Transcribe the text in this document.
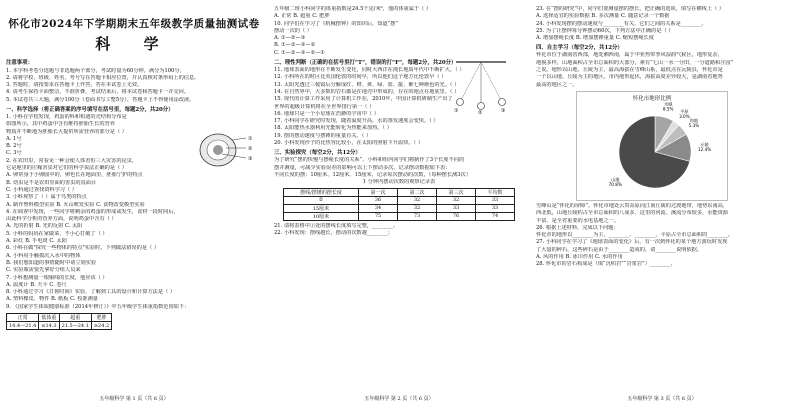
怀化市2024年下学期期末五年级教学质量抽测试卷
科 学
注意事项：
1. 本学科考卷分选题与非选题两个部分，考试时量为60分钟，满分为100分。
2. 请将学校、班级、姓名、考号写在答题卡相应位置，并认真核对条形码上的信息。
3. 答题时，请按要求在答题卡上作答，答在本试卷上无效。
4. 请考生保持卡面整洁，不准折叠，考试结束后，将本试卷和答题卡一并交回。
5. 本试卷共三大题，满分100分（卷面书写工整5分），答题卡上不得使用涂改液。
一、科学选择（将正确答案的序号填写在括号里，每题2分，共20分）
1. 小科在学校发现，鸡蛋的科和柏迪的壳结构分布是
如图所示，其中鸡蛋中含有维持胚胎生长的营养
物质并不断地为胚胎长大提供所需营养的部分是（ ）
A. 1号
B. 2号
C. 3号
2. 在农田里，常看见一种会使人体害怕三大灾害的昆虫，
它是地里的庄稼害虫对它们的科学说法正确的是（ ）
A. 卵常身于小卵圆中的，卵也长在地面里，胚胎宁护的特点
B. 幼虫是不是农田里面的害虫的真面目
C. 小科通过查找资料学习（ ）
3. 小科观察了（ ）属于鸟类的特点
A. 制作塑料模型实验 B. 火山喷发实验 C. 食物改变模型实验
4. 在调查中发现，一些同学将剩余的鸡蛋的形成或发生，食材一段时间后，
由此科学分析的营养方面，说明鸡蛋中含有（ ）
A. 光的折射 B. 光的反射 C. 太阳
5. 小科的妈妈在家做菜，不小心打破了（ ）
A. 彩红 B. 手电筒 C. 太阳
6. 小科在做"探究一些物体的特点"实验时，下列做法错误的是（ ）
A. 小科用手触摸沉入水中的物体
B. 我们想知道的事情随时中请立刻实验
C. 实验瓶需要先拿好分组人员来
7. 小科想测量一根铜线的长度，他应该（ ）
A. 温度计 B. 天平 C. 卷尺
8. 小科通过学习《日晷时间》实验，了解到工具的设计和计算方法是（ ）
A. 塑料橡皮、物件 B. 纸板 C. 校准测量
9. 《国家学生体质健康标准（2014年修订）》中五年级学生体重指数范围如下：
正常	低体重	超重	肥胖
14.4—21.4	≤14.3	21.5—24.1	≥24.2
①
②
③
五年级科学 第 1 页（共 6 页）
五年级二班小科同学的体重指数是24.5千克/米²，他的体重属于（ ）
A. 正常 B. 超重 C. 肥胖
10. 同学们在学习了《机械摆钟》的知识后，知道“摆”
摆动一次的（ ）
A. ①—②—③
B. ①—②—③—②
C. ①—②—③—②—①
二、理性判断（正确的在括号里打“T”，错误的打“F”，每题2分，共20分）
11. 地球表面的地形在不断发生变化，同时大西洋在漫长地质年代中不断扩大。（ ）
12. 小科所在的时区比英国伦敦的时间早，所以他们这个地方比伦敦早（ ）
13. 太阳光透过三棱镜后分解成红、橙、黄、绿、蓝、靛、紫七种颜色的光。（ ）
14. 在自然界中，大多数的岩石都是在地壳中形成的，存在的地点在地底里。（ ）
15. 现代的计算工作采用了计算机工作在，2010年，中国计算机研制生产出了
世界的超级计算机将在全世界排行第一（ ）
16. 地球只是一个小星球在浩渺的宇宙中（ ）
17. 小科同学在研究时发现，随着温度升高，水的蒸发速度会变快。（ ）
18. 太阳能热水器利用光能转化为热能来加热。（ ）
19. 摆的摆动速度与摆锤的重量有关。（ ）
20. 小科发现沙子的比热容比较小，在太阳的照射下升温快。（ ）
三、实验探究（每空2分，共12分）
为了研究“摆的快慢与摆绳长度的关系”，小科和组内同学们将制作了3个长度不同的
摆并测量，可减少实验误差的影响可以上下摆动多次，记录摆动数据如下表：
不同长度的摆：10厘米、12厘米、15厘米，记录每次摆动的次数，（每种摆长测3次）
1 分钟内摆动次数的观察记录表
摆线/摆锤的摆长度	第一次	第二次	第三次	平均数
①	36	32	32	33
15厘米	34	32	33	33
10厘米	75	73	76	74
21. 请将表格中①处的摆线长度填写完整，________。
22. 小科发现：摆线越长，摆动的次数越________；
①	②	③
五年级科学 第 2 页（共 6 页）
23. 在“摆的研究”中，同学们要测量摆的摆长，把正确的选项，填写在横线上（ ）
A. 选择适宜的实验数据 B. 多次测量 C. 随意记录一个数据
24. 小科发现摆的摆动速度与________有关，它们之间的关系是________。
25. 为了让摆钟每分钟摆动60次，下列方法中正确的是（ ）
A. 增加摆绳长度 B. 增加摆锤重量 C. 缩短摆绳长度
四、自主学习（每空2分，共12分）
怀化市位于湖南省西部，地处湘西南，属于中亚热带季风湿润气候区，地形复杂，
地貌多样，山地面积占全市总面积的大部分，素有“七山一水一分田，一分道路和庄园”
之说。地形以山地、丘陵为主，最高海拔在雪峰山系，最低点在沅陵县，怀化市是
一个以山地、丘陵为主的地区。市内地形起伏，海拔高度差异较大，是湖南省地势
最高的地区之一。
怀化市地形比例
水域 8.5% 平原 3.0%
岗地 5.3%
丘陵 12.4%
山地 70.8%
雪峰山是“怀化的屏障”。怀化市地处云贵高原向江南丘陵的过渡地带，地势东南高，
西北低，山地丘陵约占全市总面积的八成多，这里的河流、溪流分布较多，水能资源
丰富，是全省重要的水电基地之一。
26. 根据上述材料，完成以下问题：
怀化市的地形以________为主，________、________，平原占全市总面积的________。
27. 小科同学在学习了《地球表面的变化》后，有一次到怀化的某个地方游玩时发现
了大量的碎石，这些碎石是由于________造成的，请________说明依据。
A. 风的作用 B. 冰川作用 C. 水的作用
28. 怀化市的岩石构成是（填“沉积岩”“岩浆岩”）________，
五年级科学 第 3 页（共 6 页）
